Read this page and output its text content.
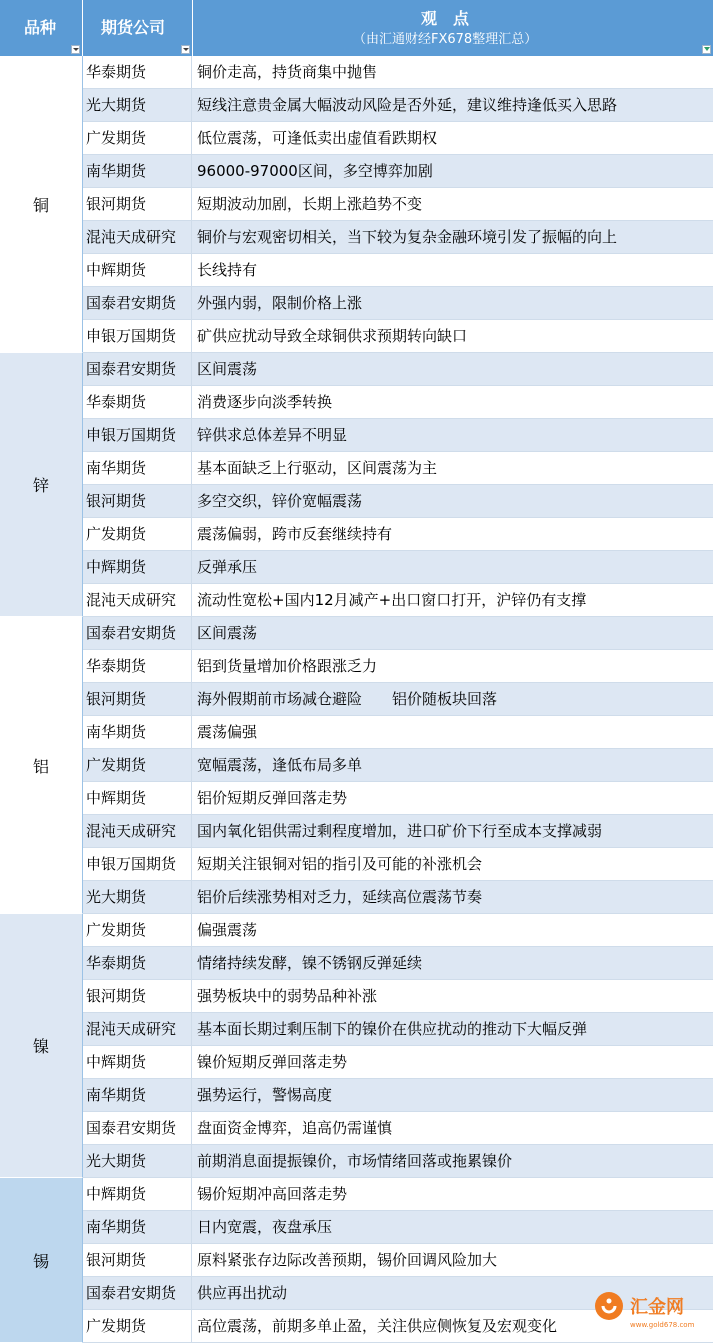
品种	期货公司	观　点
（由汇通财经FX678整理汇总）
铜
华泰期货	铜价走高，持货商集中抛售
光大期货	短线注意贵金属大幅波动风险是否外延，建议维持逢低买入思路
广发期货	低位震荡，可逢低卖出虚值看跌期权
南华期货	96000-97000区间，多空博弈加剧
银河期货	短期波动加剧，长期上涨趋势不变
混沌天成研究	铜价与宏观密切相关，当下较为复杂金融环境引发了振幅的向上
中辉期货	长线持有
国泰君安期货	外强内弱，限制价格上涨
申银万国期货	矿供应扰动导致全球铜供求预期转向缺口
锌
国泰君安期货	区间震荡
华泰期货	消费逐步向淡季转换
申银万国期货	锌供求总体差异不明显
南华期货	基本面缺乏上行驱动，区间震荡为主
银河期货	多空交织，锌价宽幅震荡
广发期货	震荡偏弱，跨市反套继续持有
中辉期货	反弹承压
混沌天成研究	流动性宽松+国内12月减产+出口窗口打开，沪锌仍有支撑
铝
国泰君安期货	区间震荡
华泰期货	铝到货量增加价格跟涨乏力
银河期货	海外假期前市场减仓避险　　铝价随板块回落
南华期货	震荡偏强
广发期货	宽幅震荡，逢低布局多单
中辉期货	铝价短期反弹回落走势
混沌天成研究	国内氧化铝供需过剩程度增加，进口矿价下行至成本支撑减弱
申银万国期货	短期关注银铜对铝的指引及可能的补涨机会
光大期货	铝价后续涨势相对乏力，延续高位震荡节奏
镍
广发期货	偏强震荡
华泰期货	情绪持续发酵，镍不锈钢反弹延续
银河期货	强势板块中的弱势品种补涨
混沌天成研究	基本面长期过剩压制下的镍价在供应扰动的推动下大幅反弹
中辉期货	镍价短期反弹回落走势
南华期货	强势运行，警惕高度
国泰君安期货	盘面资金博弈，追高仍需谨慎
光大期货	前期消息面提振镍价，市场情绪回落或拖累镍价
锡
中辉期货	锡价短期冲高回落走势
南华期货	日内宽震，夜盘承压
银河期货	原料紧张存边际改善预期，锡价回调风险加大
国泰君安期货	供应再出扰动
广发期货	高位震荡，前期多单止盈，关注供应侧恢复及宏观变化
汇金网
www.gold678.com
